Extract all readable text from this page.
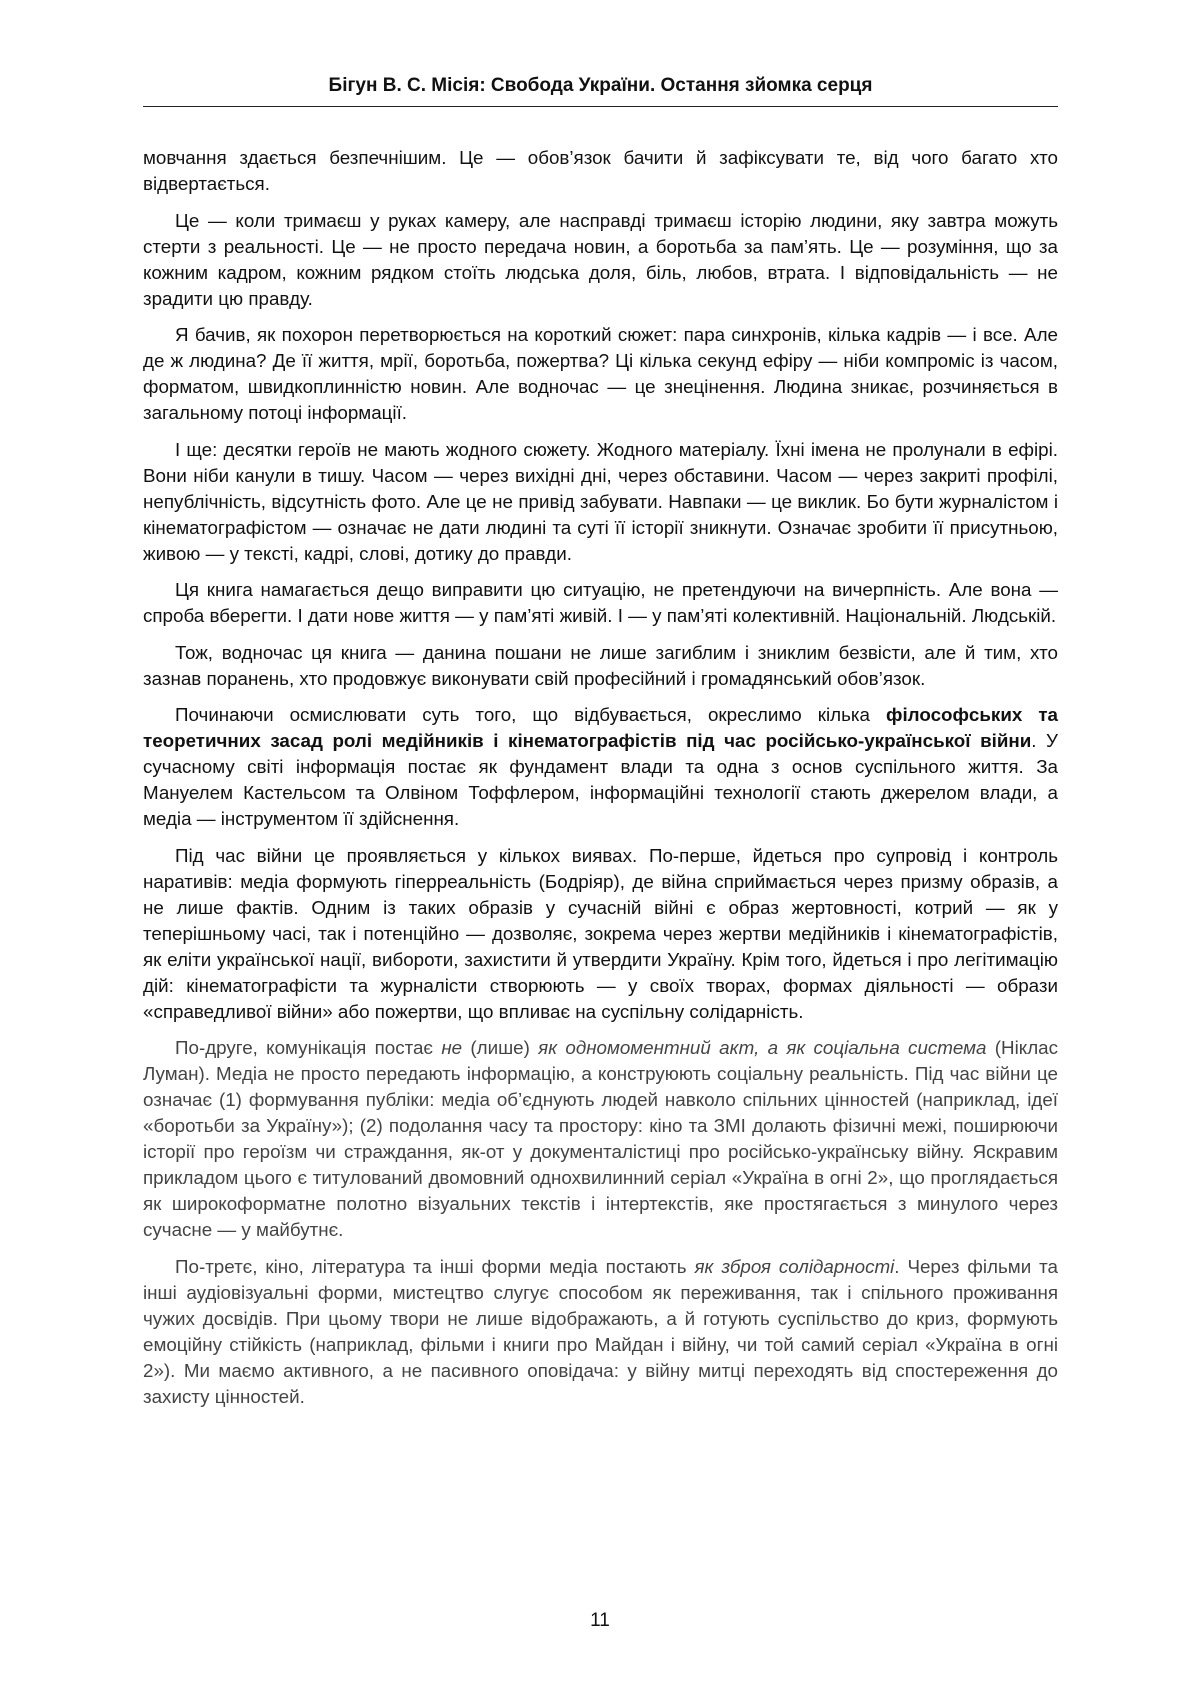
Бігун В. С. Місія: Свобода України. Остання зйомка серця

мовчання здається безпечнішим. Це — обов’язок бачити й зафіксувати те, від чого багато хто відвертається.

Це — коли тримаєш у руках камеру, але насправді тримаєш історію людини, яку завтра можуть стерти з реальності. Це — не просто передача новин, а боротьба за пам’ять. Це — розуміння, що за кожним кадром, кожним рядком стоїть людська доля, біль, любов, втрата. І відповідальність — не зрадити цю правду.

Я бачив, як похорон перетворюється на короткий сюжет: пара синхронів, кілька кадрів — і все. Але де ж людина? Де її життя, мрії, боротьба, пожертва? Ці кілька секунд ефіру — ніби компроміс із часом, форматом, швидкоплинністю новин. Але водночас — це знецінення. Людина зникає, розчиняється в загальному потоці інформації.

І ще: десятки героїв не мають жодного сюжету. Жодного матеріалу. Їхні імена не пролунали в ефірі. Вони ніби канули в тишу. Часом — через вихідні дні, через обставини. Часом — через закриті профілі, непублічність, відсутність фото. Але це не привід забувати. Навпаки — це виклик. Бо бути журналістом і кінематографістом — означає не дати людині та суті її історії зникнути. Означає зробити її присутньою, живою — у тексті, кадрі, слові, дотику до правди.

Ця книга намагається дещо виправити цю ситуацію, не претендуючи на вичерпність. Але вона — спроба вберегти. І дати нове життя — у пам’яті живій. І — у пам’яті колективній. Національній. Людській.

Тож, водночас ця книга — данина пошани не лише загиблим і зниклим безвісти, але й тим, хто зазнав поранень, хто продовжує виконувати свій професійний і громадянський обов’язок.

Починаючи осмислювати суть того, що відбувається, окреслимо кілька філософських та теоретичних засад ролі медійників і кінематографістів під час російсько-української війни. У сучасному світі інформація постає як фундамент влади та одна з основ суспільного життя. За Мануелем Кастельсом та Олвіном Тоффлером, інформаційні технології стають джерелом влади, а медіа — інструментом її здійснення.

Під час війни це проявляється у кількох виявах. По-перше, йдеться про супровід і контроль наративів: медіа формують гіперреальність (Бодріяр), де війна сприймається через призму образів, а не лише фактів. Одним із таких образів у сучасній війні є образ жертовності, котрий — як у теперішньому часі, так і потенційно — дозволяє, зокрема через жертви медійників і кінематографістів, як еліти української нації, вибороти, захистити й утвердити Україну. Крім того, йдеться і про легітимацію дій: кінематографісти та журналісти створюють — у своїх творах, формах діяльності — образи «справедливої війни» або пожертви, що впливає на суспільну солідарність.

По-друге, комунікація постає не (лише) як одномоментний акт, а як соціальна система (Ніклас Луман). Медіа не просто передають інформацію, а конструюють соціальну реальність. Під час війни це означає (1) формування публіки: медіа об’єднують людей навколо спільних цінностей (наприклад, ідеї «боротьби за Україну»); (2) подолання часу та простору: кіно та ЗМІ долають фізичні межі, поширюючи історії про героїзм чи страждання, як-от у документалістиці про російсько-українську війну. Яскравим прикладом цього є титулований двомовний однохвилинний серіал «Україна в огні 2», що проглядається як широкоформатне полотно візуальних текстів і інтертекстів, яке простягається з минулого через сучасне — у майбутнє.

По-третє, кіно, література та інші форми медіа постають як зброя солідарності. Через фільми та інші аудіовізуальні форми, мистецтво слугує способом як переживання, так і спільного проживання чужих досвідів. При цьому твори не лише відображають, а й готують суспільство до криз, формують емоційну стійкість (наприклад, фільми і книги про Майдан і війну, чи той самий серіал «Україна в огні 2»). Ми маємо активного, а не пасивного оповідача: у війну митці переходять від спостереження до захисту цінностей.

11
